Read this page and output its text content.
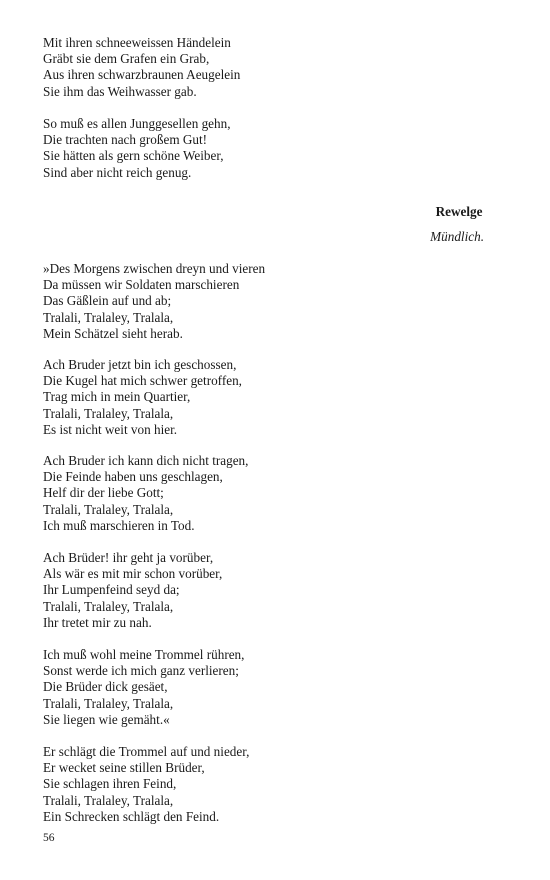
Mit ihren schneeweissen Händelein
Gräbt sie dem Grafen ein Grab,
Aus ihren schwarzbraunen Aeugelein
Sie ihm das Weihwasser gab.
So muß es allen Junggesellen gehn,
Die trachten nach großem Gut!
Sie hätten als gern schöne Weiber,
Sind aber nicht reich genug.
Rewelge
Mündlich.
»Des Morgens zwischen dreyn und vieren
Da müssen wir Soldaten marschieren
Das Gäßlein auf und ab;
Tralali, Tralaley, Tralala,
Mein Schätzel sieht herab.
Ach Bruder jetzt bin ich geschossen,
Die Kugel hat mich schwer getroffen,
Trag mich in mein Quartier,
Tralali, Tralaley, Tralala,
Es ist nicht weit von hier.
Ach Bruder ich kann dich nicht tragen,
Die Feinde haben uns geschlagen,
Helf dir der liebe Gott;
Tralali, Tralaley, Tralala,
Ich muß marschieren in Tod.
Ach Brüder! ihr geht ja vorüber,
Als wär es mit mir schon vorüber,
Ihr Lumpenfeind seyd da;
Tralali, Tralaley, Tralala,
Ihr tretet mir zu nah.
Ich muß wohl meine Trommel rühren,
Sonst werde ich mich ganz verlieren;
Die Brüder dick gesäet,
Tralali, Tralaley, Tralala,
Sie liegen wie gemäht.«
Er schlägt die Trommel auf und nieder,
Er wecket seine stillen Brüder,
Sie schlagen ihren Feind,
Tralali, Tralaley, Tralala,
Ein Schrecken schlägt den Feind.
56
